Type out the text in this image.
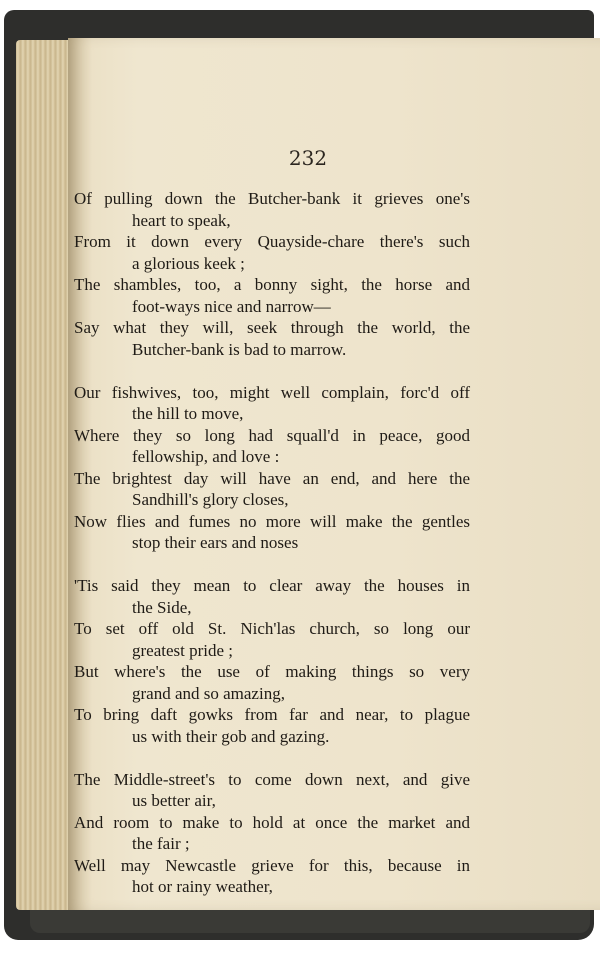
232
Of pulling down the Butcher-bank it grieves one's
heart to speak,
From it down every Quayside-chare there's such
a glorious keek ;
The shambles, too, a bonny sight, the horse and
foot-ways nice and narrow—
Say what they will, seek through the world, the
Butcher-bank is bad to marrow.
Our fishwives, too, might well complain, forc'd off
the hill to move,
Where they so long had squall'd in peace, good
fellowship, and love :
The brightest day will have an end, and here the
Sandhill's glory closes,
Now flies and fumes no more will make the gentles
stop their ears and noses
'Tis said they mean to clear away the houses in
the Side,
To set off old St. Nich'las church, so long our
greatest pride ;
But where's the use of making things so very
grand and so amazing,
To bring daft gowks from far and near, to plague
us with their gob and gazing.
The Middle-street's to come down next, and give
us better air,
And room to make to hold at once the market and
the fair ;
Well may Newcastle grieve for this, because in
hot or rainy weather,
